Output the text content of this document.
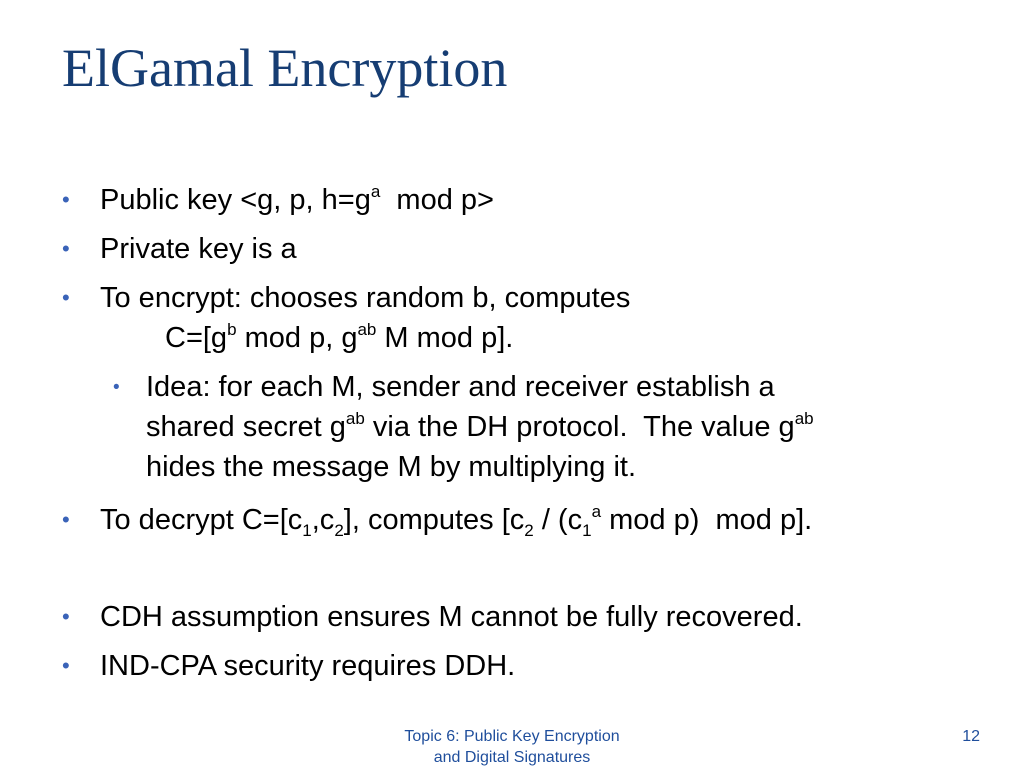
ElGamal Encryption
• Public key <g, p, $h=g^a$  mod p>
• Private key is a
• To encrypt: chooses random b, computes
$C=[g^b$ mod p, $g^{ab}$ M mod p].
• Idea: for each M, sender and receiver establish a
shared secret $g^{ab}$ via the DH protocol.  The value $g^{ab}$
hides the message M by multiplying it.
• To decrypt $C=[c_1,c_2]$, computes [$c_2 / (c_1^a$ mod p)  mod p].
• CDH assumption ensures M cannot be fully recovered.
• IND-CPA security requires DDH.
Topic 6: Public Key Encryption
and Digital Signatures
12
